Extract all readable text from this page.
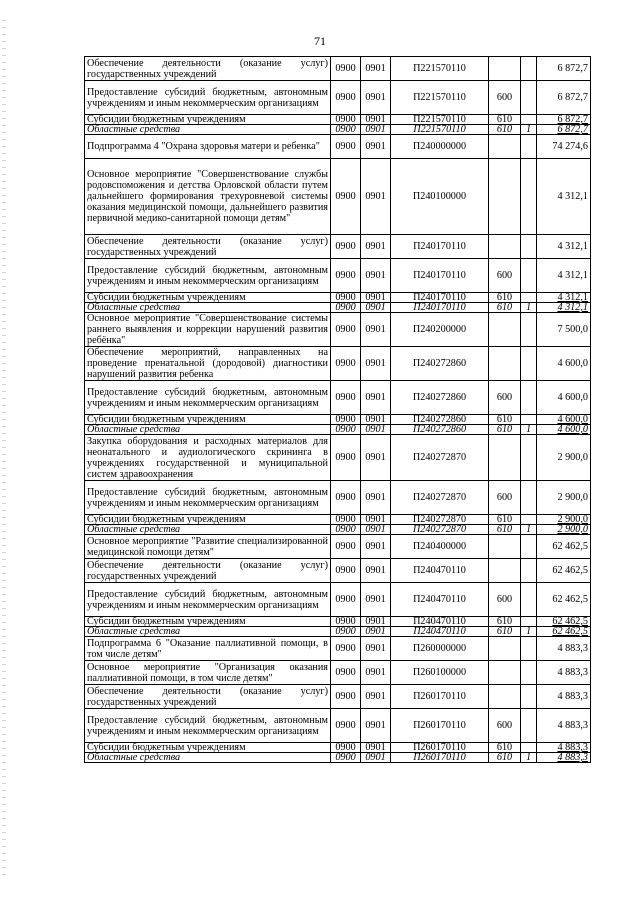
71
Обеспечение деятельности (оказание услуг) государственных учреждений	0900	0901	П221570110			6 872,7
Предоставление субсидий бюджетным, автономным учреждениям и иным некоммерческим организациям	0900	0901	П221570110	600		6 872,7
Субсидии бюджетным учреждениям	0900	0901	П221570110	610		6 872,7
Областные средства	0900	0901	П221570110	610	1	6 872,7
Подпрограмма 4 "Охрана здоровья матери и ребенка"	0900	0901	П240000000			74 274,6
Основное мероприятие "Совершенствование службы родовспоможения и детства Орловской области путем дальнейшего формирования трехуровневой системы оказания медицинской помощи, дальнейшего развития первичной медико-санитарной помощи детям"	0900	0901	П240100000			4 312,1
Обеспечение деятельности (оказание услуг) государственных учреждений	0900	0901	П240170110			4 312,1
Предоставление субсидий бюджетным, автономным учреждениям и иным некоммерческим организациям	0900	0901	П240170110	600		4 312,1
Субсидии бюджетным учреждениям	0900	0901	П240170110	610		4 312,1
Областные средства	0900	0901	П240170110	610	1	4 312,1
Основное мероприятие "Совершенствование системы раннего выявления и коррекции нарушений развития ребёнка"	0900	0901	П240200000			7 500,0
Обеспечение мероприятий, направленных на проведение пренатальной (дородовой) диагностики нарушений развития ребенка	0900	0901	П240272860			4 600,0
Предоставление субсидий бюджетным, автономным учреждениям и иным некоммерческим организациям	0900	0901	П240272860	600		4 600,0
Субсидии бюджетным учреждениям	0900	0901	П240272860	610		4 600,0
Областные средства	0900	0901	П240272860	610	1	4 600,0
Закупка оборудования и расходных материалов для неонатального и аудиологического скрининга в учреждениях государственной и муниципальной систем здравоохранения	0900	0901	П240272870			2 900,0
Предоставление субсидий бюджетным, автономным учреждениям и иным некоммерческим организациям	0900	0901	П240272870	600		2 900,0
Субсидии бюджетным учреждениям	0900	0901	П240272870	610		2 900,0
Областные средства	0900	0901	П240272870	610	1	2 900,0
Основное мероприятие "Развитие специализированной медицинской помощи детям"	0900	0901	П240400000			62 462,5
Обеспечение деятельности (оказание услуг) государственных учреждений	0900	0901	П240470110			62 462,5
Предоставление субсидий бюджетным, автономным учреждениям и иным некоммерческим организациям	0900	0901	П240470110	600		62 462,5
Субсидии бюджетным учреждениям	0900	0901	П240470110	610		62 462,5
Областные средства	0900	0901	П240470110	610	1	62 462,5
Подпрограмма 6 "Оказание паллиативной помощи, в том числе детям"	0900	0901	П260000000			4 883,3
Основное мероприятие "Организация оказания паллиативной помощи, в том числе детям"	0900	0901	П260100000			4 883,3
Обеспечение деятельности (оказание услуг) государственных учреждений	0900	0901	П260170110			4 883,3
Предоставление субсидий бюджетным, автономным учреждениям и иным некоммерческим организациям	0900	0901	П260170110	600		4 883,3
Субсидии бюджетным учреждениям	0900	0901	П260170110	610		4 883,3
Областные средства	0900	0901	П260170110	610	1	4 883,3
